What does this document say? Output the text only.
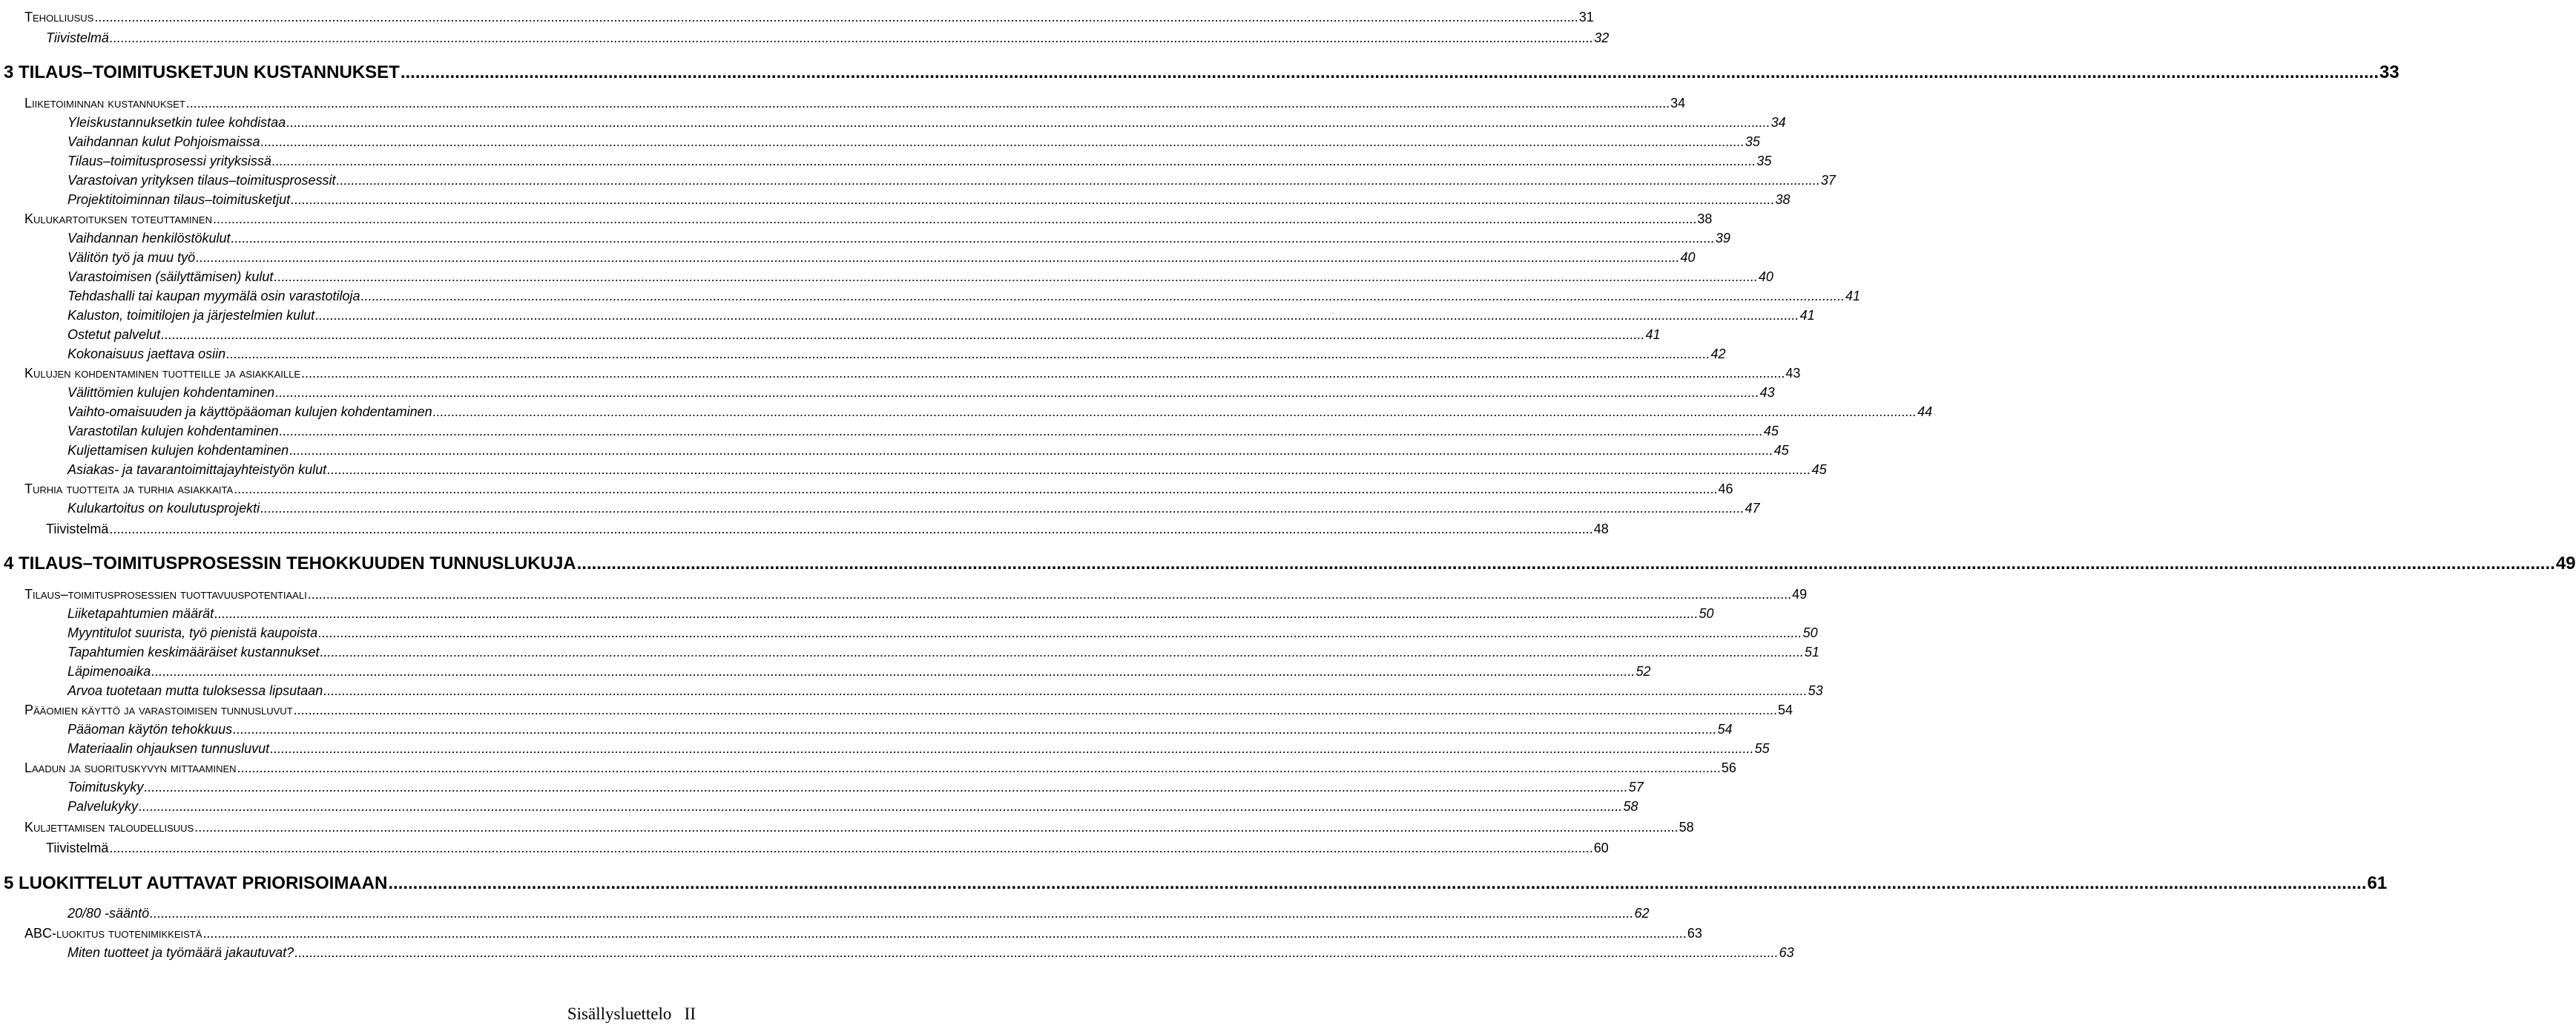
Teholliusus ................................................................................................................................................................................................................................................................................................................................................................................................................ 31
Tiivistelmä ................................................................................................................................................................................................................................................................................................................................................................................................................ 32
3 TILAUS–TOIMITUSKETJUN KUSTANNUKSET ................................................................................................................................................................................................................................................................................................................................................................................................................ 33
Liiketoiminnan kustannukset ................................................................................................................................................................................................................................................................................................................................................................................................................ 34
Yleiskustannuksetkin tulee kohdistaa ................................................................................................................................................................................................................................................................................................................................................................................................................ 34
Vaihdannan kulut Pohjoismaissa ................................................................................................................................................................................................................................................................................................................................................................................................................ 35
Tilaus–toimitusprosessi yrityksissä ................................................................................................................................................................................................................................................................................................................................................................................................................ 35
Varastoivan yrityksen tilaus–toimitusprosessit ................................................................................................................................................................................................................................................................................................................................................................................................................ 37
Projektitoiminnan tilaus–toimitusketjut ................................................................................................................................................................................................................................................................................................................................................................................................................ 38
Kulukartoituksen toteuttaminen ................................................................................................................................................................................................................................................................................................................................................................................................................ 38
Vaihdannan henkilöstökulut ................................................................................................................................................................................................................................................................................................................................................................................................................ 39
Välitön työ ja muu työ ................................................................................................................................................................................................................................................................................................................................................................................................................ 40
Varastoimisen (säilyttämisen) kulut ................................................................................................................................................................................................................................................................................................................................................................................................................ 40
Tehdashalli tai kaupan myymälä osin varastotiloja ................................................................................................................................................................................................................................................................................................................................................................................................................ 41
Kaluston, toimitilojen ja järjestelmien kulut ................................................................................................................................................................................................................................................................................................................................................................................................................ 41
Ostetut palvelut ................................................................................................................................................................................................................................................................................................................................................................................................................ 41
Kokonaisuus jaettava osiin ................................................................................................................................................................................................................................................................................................................................................................................................................ 42
Kulujen kohdentaminen tuotteille ja asiakkaille ................................................................................................................................................................................................................................................................................................................................................................................................................ 43
Välittömien kulujen kohdentaminen ................................................................................................................................................................................................................................................................................................................................................................................................................ 43
Vaihto-omaisuuden ja käyttöpääoman kulujen kohdentaminen ................................................................................................................................................................................................................................................................................................................................................................................................................ 44
Varastotilan kulujen kohdentaminen ................................................................................................................................................................................................................................................................................................................................................................................................................ 45
Kuljettamisen kulujen kohdentaminen ................................................................................................................................................................................................................................................................................................................................................................................................................ 45
Asiakas- ja tavarantoimittajayhteistyön kulut ................................................................................................................................................................................................................................................................................................................................................................................................................ 45
Turhia tuotteita ja turhia asiakkaita ................................................................................................................................................................................................................................................................................................................................................................................................................ 46
Kulukartoitus on koulutusprojekti ................................................................................................................................................................................................................................................................................................................................................................................................................ 47
Tiivistelmä ................................................................................................................................................................................................................................................................................................................................................................................................................ 48
4 TILAUS–TOIMITUSPROSESSIN TEHOKKUUDEN TUNNUSLUKUJA ................................................................................................................................................................................................................................................................................................................................................................................................................ 49
Tilaus–toimitusprosessien tuottavuuspotentiaali ................................................................................................................................................................................................................................................................................................................................................................................................................ 49
Liiketapahtumien määrät ................................................................................................................................................................................................................................................................................................................................................................................................................ 50
Myyntitulot suurista, työ pienistä kaupoista ................................................................................................................................................................................................................................................................................................................................................................................................................ 50
Tapahtumien keskimääräiset kustannukset ................................................................................................................................................................................................................................................................................................................................................................................................................ 51
Läpimenoaika ................................................................................................................................................................................................................................................................................................................................................................................................................ 52
Arvoa tuotetaan mutta tuloksessa lipsutaan ................................................................................................................................................................................................................................................................................................................................................................................................................ 53
Pääomien käyttö ja varastoimisen tunnusluvut ................................................................................................................................................................................................................................................................................................................................................................................................................ 54
Pääoman käytön tehokkuus ................................................................................................................................................................................................................................................................................................................................................................................................................ 54
Materiaalin ohjauksen tunnusluvut ................................................................................................................................................................................................................................................................................................................................................................................................................ 55
Laadun ja suorituskyvyn mittaaminen ................................................................................................................................................................................................................................................................................................................................................................................................................ 56
Toimituskyky ................................................................................................................................................................................................................................................................................................................................................................................................................ 57
Palvelukyky ................................................................................................................................................................................................................................................................................................................................................................................................................ 58
Kuljettamisen taloudellisuus ................................................................................................................................................................................................................................................................................................................................................................................................................ 58
Tiivistelmä ................................................................................................................................................................................................................................................................................................................................................................................................................ 60
5 LUOKITTELUT AUTTAVAT PRIORISOIMAAN ................................................................................................................................................................................................................................................................................................................................................................................................................ 61
20/80 -sääntö ................................................................................................................................................................................................................................................................................................................................................................................................................ 62
ABC-luokitus tuotenimikkeistä ................................................................................................................................................................................................................................................................................................................................................................................................................ 63
Miten tuotteet ja työmäärä jakautuvat? ................................................................................................................................................................................................................................................................................................................................................................................................................ 63
Sisällysluettelo II
